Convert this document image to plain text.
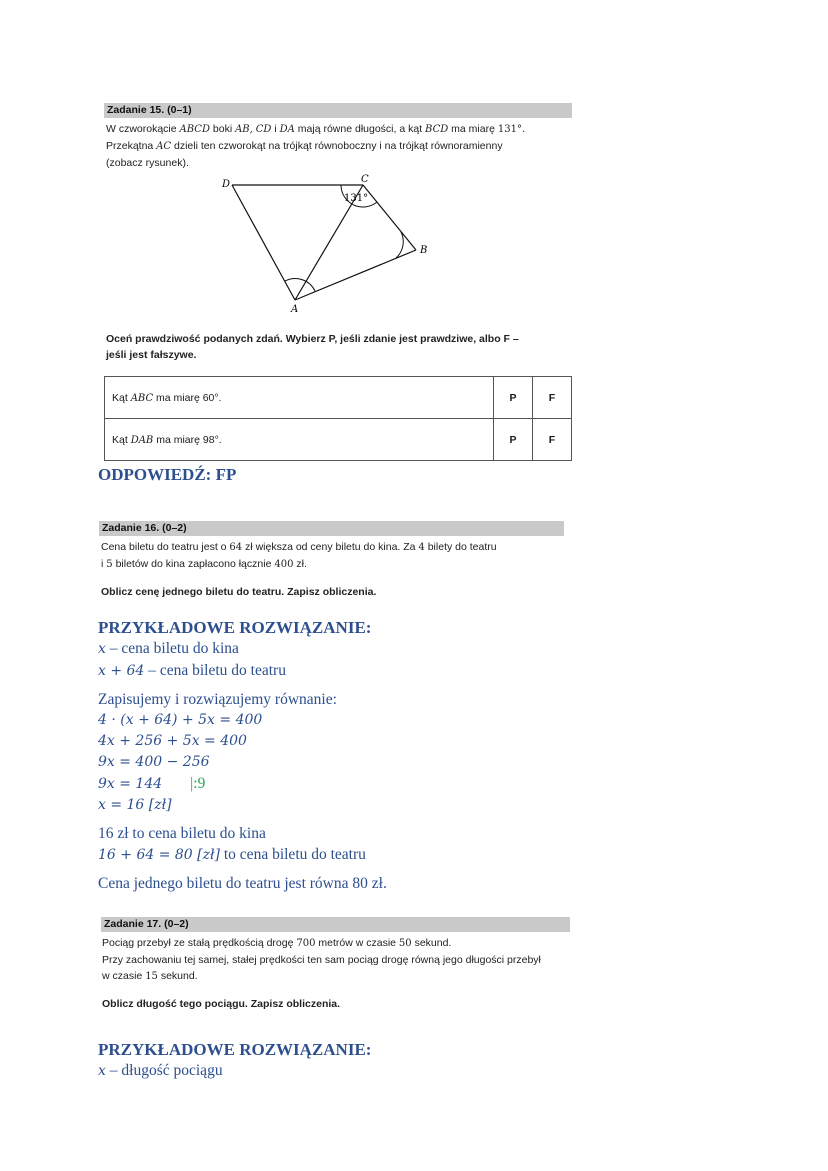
Zadanie 15. (0–1)
W czworokącie ABCD boki AB, CD i DA mają równe długości, a kąt BCD ma miarę 131°.
Przekątna AC dzieli ten czworokąt na trójkąt równoboczny i na trójkąt równoramienny
(zobacz rysunek).
D	C
B
A
131°
Oceń prawdziwość podanych zdań. Wybierz P, jeśli zdanie jest prawdziwe, albo F –
jeśli jest fałszywe.
Kąt ABC ma miarę 60°.	P	F
Kąt DAB ma miarę 98°.	P	F
ODPOWIEDŹ: FP
Zadanie 16. (0–2)
Cena biletu do teatru jest o 64 zł większa od ceny biletu do kina. Za 4 bilety do teatru
i 5 biletów do kina zapłacono łącznie 400 zł.
Oblicz cenę jednego biletu do teatru. Zapisz obliczenia.
PRZYKŁADOWE ROZWIĄZANIE:
x – cena biletu do kina
x + 64 – cena biletu do teatru
Zapisujemy i rozwiązujemy równanie:
4 · (x + 64) + 5x = 400
4x + 256 + 5x = 400
9x = 400 − 256
9x = 144 |:9
x = 16 [zł]
16 zł to cena biletu do kina
16 + 64 = 80 [zł] to cena biletu do teatru
Cena jednego biletu do teatru jest równa 80 zł.
Zadanie 17. (0–2)
Pociąg przebył ze stałą prędkością drogę 700 metrów w czasie 50 sekund.
Przy zachowaniu tej samej, stałej prędkości ten sam pociąg drogę równą jego długości przebył
w czasie 15 sekund.
Oblicz długość tego pociągu. Zapisz obliczenia.
PRZYKŁADOWE ROZWIĄZANIE:
x – długość pociągu
